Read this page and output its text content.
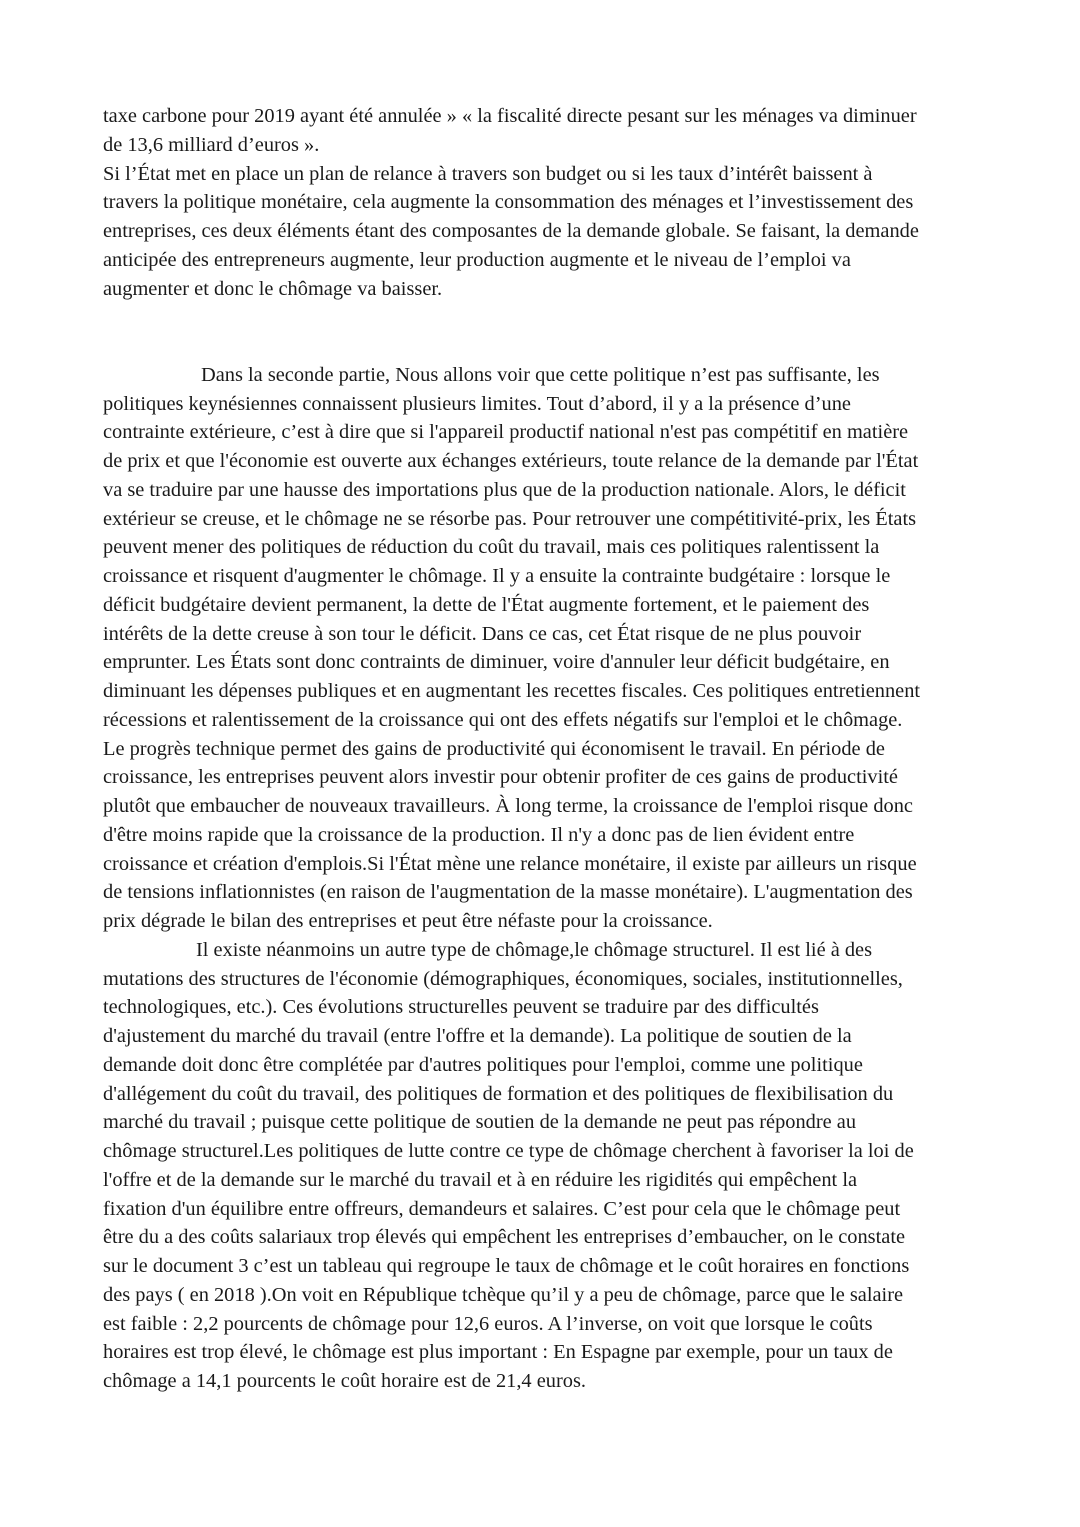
taxe carbone pour 2019 ayant été annulée » « la fiscalité directe pesant sur les ménages va diminuer
de 13,6 milliard d’euros ».
Si l’État met en place un plan de relance à travers son budget ou si les taux d’intérêt baissent à
travers la politique monétaire, cela augmente la consommation des ménages et l’investissement des
entreprises, ces deux éléments étant des composantes de la demande globale. Se faisant, la demande
anticipée des entrepreneurs augmente, leur production augmente et le niveau de l’emploi va
augmenter et donc le chômage va baisser.
Dans la seconde partie, Nous allons voir que cette politique n’est pas suffisante, les
politiques keynésiennes connaissent plusieurs limites. Tout d’abord, il y a la présence d’une
contrainte extérieure, c’est à dire que si l'appareil productif national n'est pas compétitif en matière
de prix et que l'économie est ouverte aux échanges extérieurs, toute relance de la demande par l'État
va se traduire par une hausse des importations plus que de la production nationale. Alors, le déficit
extérieur se creuse, et le chômage ne se résorbe pas. Pour retrouver une compétitivité-prix, les États
peuvent mener des politiques de réduction du coût du travail, mais ces politiques ralentissent la
croissance et risquent d'augmenter le chômage. Il y a ensuite la contrainte budgétaire : lorsque le
déficit budgétaire devient permanent, la dette de l'État augmente fortement, et le paiement des
intérêts de la dette creuse à son tour le déficit. Dans ce cas, cet État risque de ne plus pouvoir
emprunter. Les États sont donc contraints de diminuer, voire d'annuler leur déficit budgétaire, en
diminuant les dépenses publiques et en augmentant les recettes fiscales. Ces politiques entretiennent
récessions et ralentissement de la croissance qui ont des effets négatifs sur l'emploi et le chômage.
Le progrès technique permet des gains de productivité qui économisent le travail. En période de
croissance, les entreprises peuvent alors investir pour obtenir profiter de ces gains de productivité
plutôt que embaucher de nouveaux travailleurs. À long terme, la croissance de l'emploi risque donc
d'être moins rapide que la croissance de la production. Il n'y a donc pas de lien évident entre
croissance et création d'emplois.Si l'État mène une relance monétaire, il existe par ailleurs un risque
de tensions inflationnistes (en raison de l'augmentation de la masse monétaire). L'augmentation des
prix dégrade le bilan des entreprises et peut être néfaste pour la croissance.
Il existe néanmoins un autre type de chômage,le chômage structurel. Il est lié à des
mutations des structures de l'économie (démographiques, économiques, sociales, institutionnelles,
technologiques, etc.). Ces évolutions structurelles peuvent se traduire par des difficultés
d'ajustement du marché du travail (entre l'offre et la demande). La politique de soutien de la
demande doit donc être complétée par d'autres politiques pour l'emploi, comme une politique
d'allégement du coût du travail, des politiques de formation et des politiques de flexibilisation du
marché du travail ; puisque cette politique de soutien de la demande ne peut pas répondre au
chômage structurel.Les politiques de lutte contre ce type de chômage cherchent à favoriser la loi de
l'offre et de la demande sur le marché du travail et à en réduire les rigidités qui empêchent la
fixation d'un équilibre entre offreurs, demandeurs et salaires. C’est pour cela que le chômage peut
être du a des coûts salariaux trop élevés qui empêchent les entreprises d’embaucher, on le constate
sur le document 3 c’est un tableau qui regroupe le taux de chômage et le coût horaires en fonctions
des pays ( en 2018 ).On voit en République tchèque qu’il y a peu de chômage, parce que le salaire
est faible : 2,2 pourcents de chômage pour 12,6 euros. A l’inverse, on voit que lorsque le coûts
horaires est trop élevé, le chômage est plus important : En Espagne par exemple, pour un taux de
chômage a 14,1 pourcents le coût horaire est de 21,4 euros.
